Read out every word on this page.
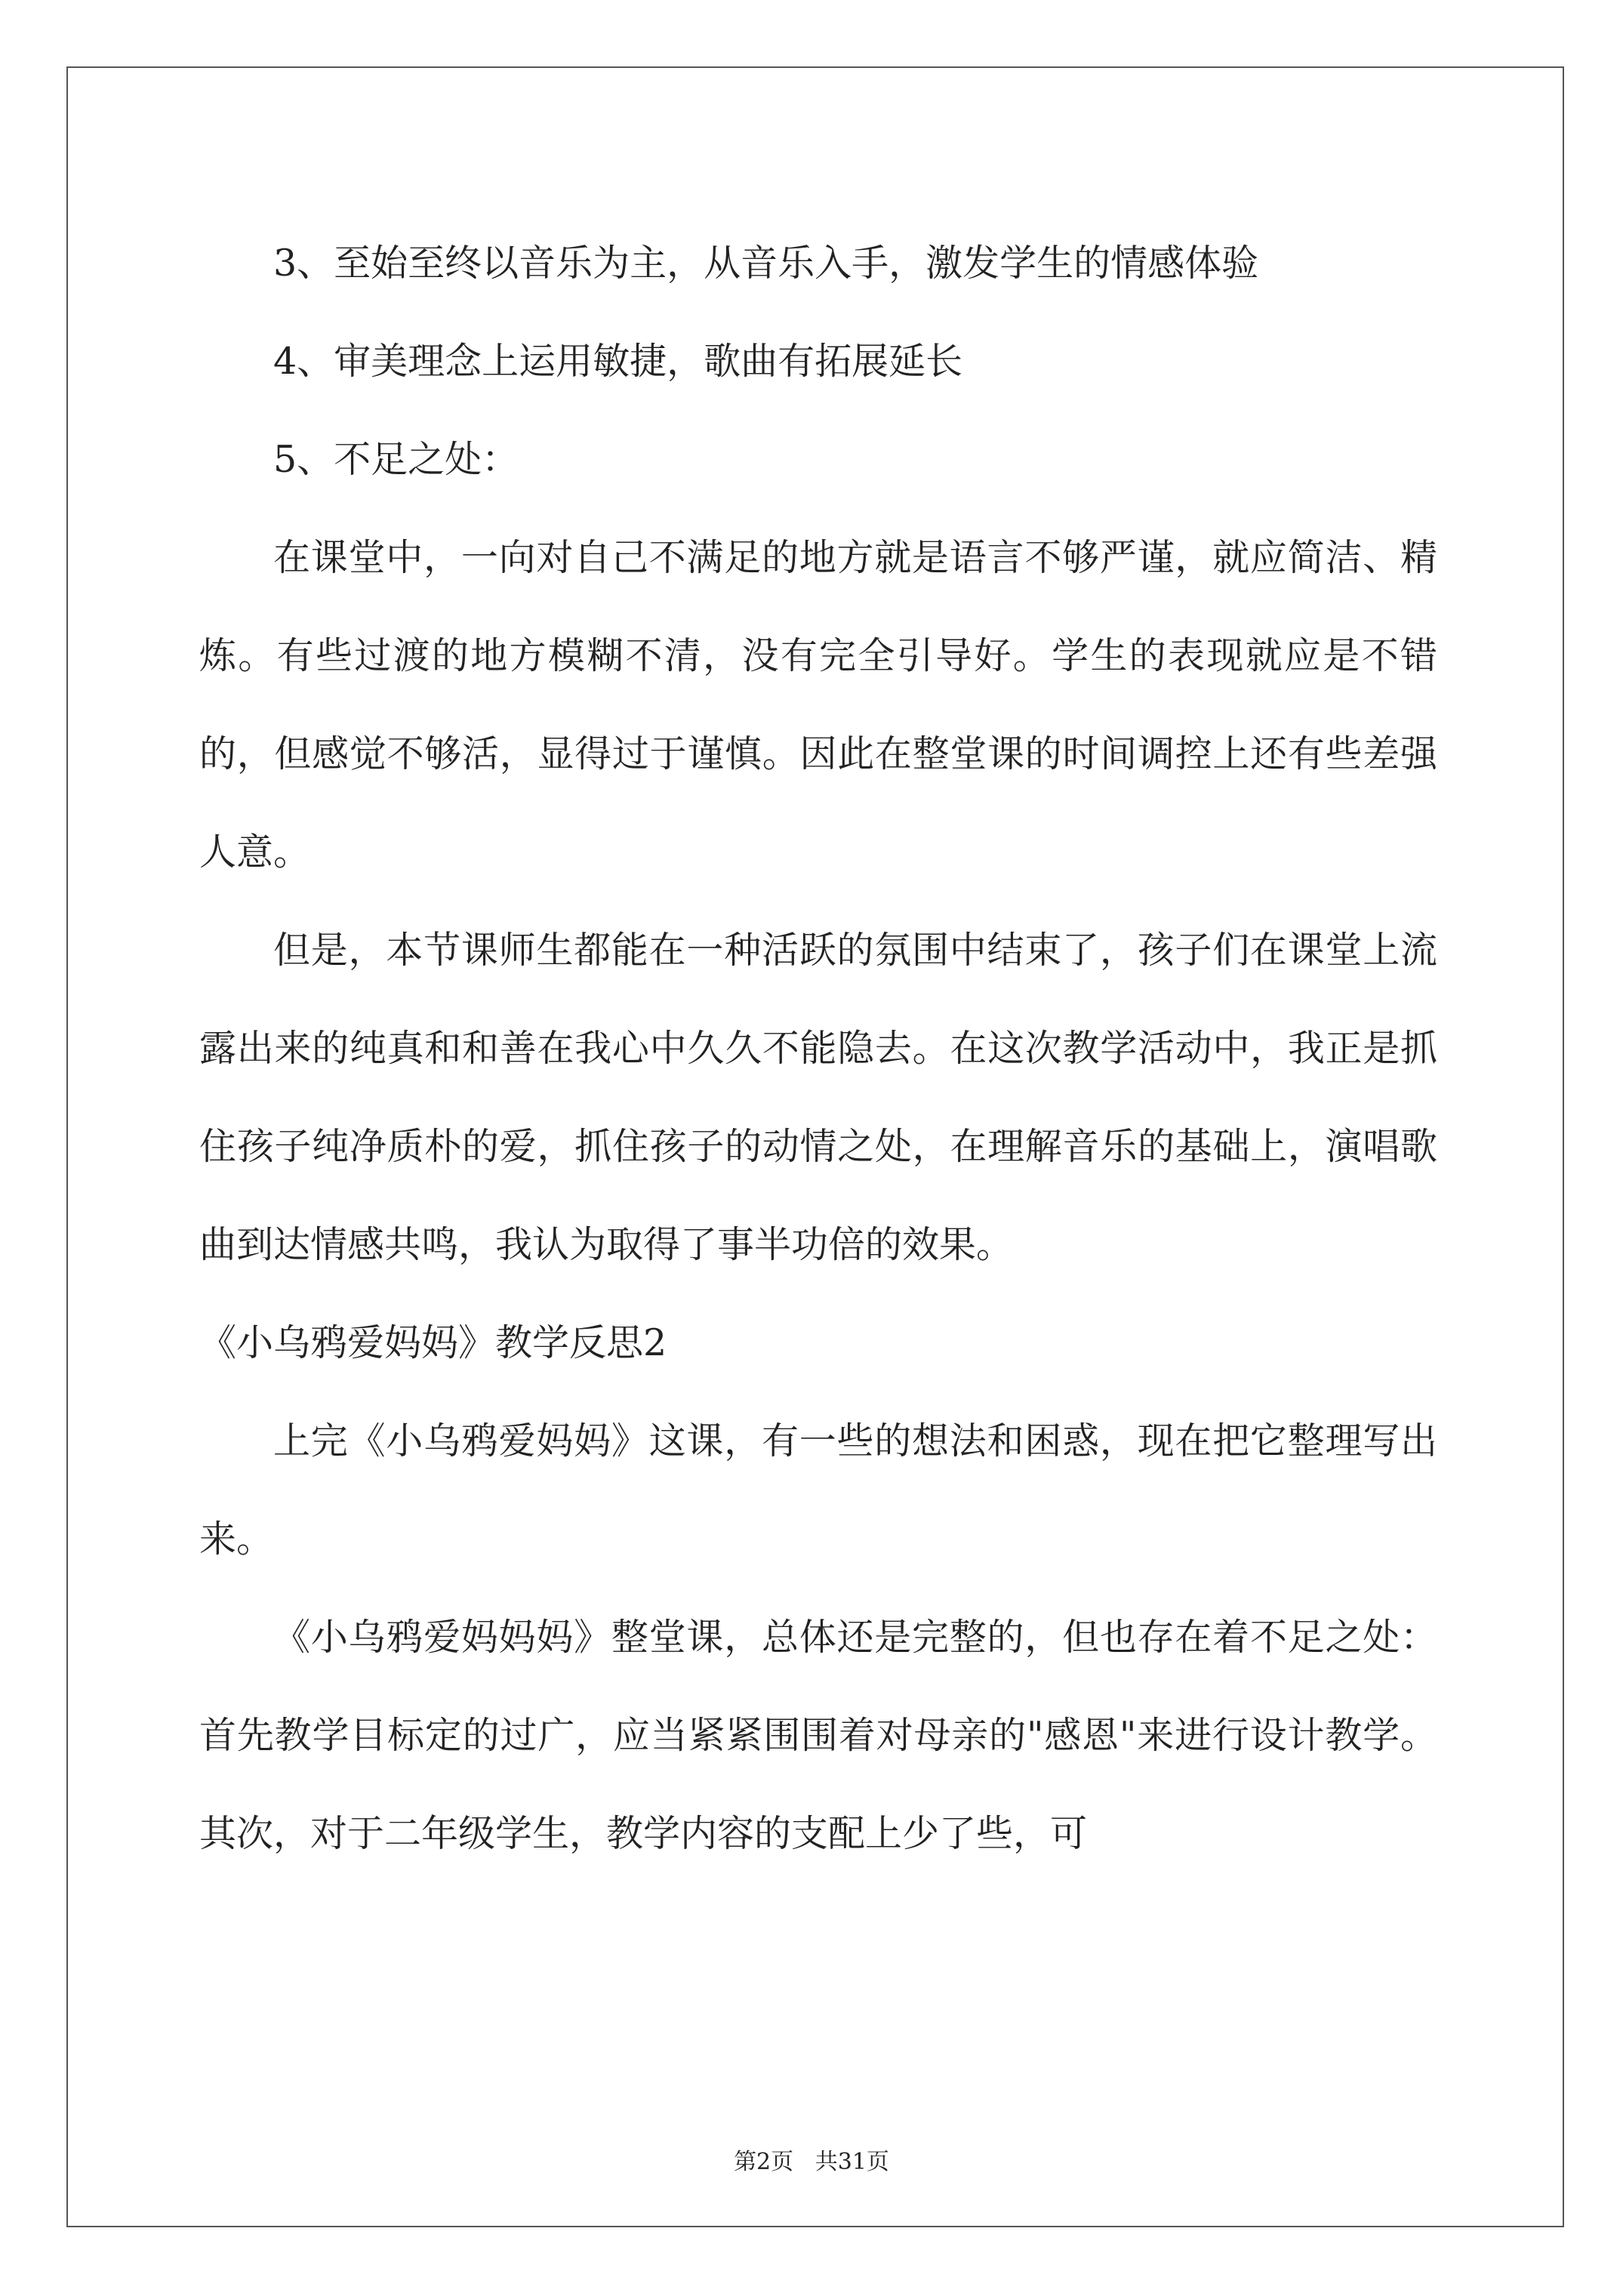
3、至始至终以音乐为主，从音乐入手，激发学生的情感体验

4、审美理念上运用敏捷，歌曲有拓展延长

5、不足之处：

在课堂中，一向对自己不满足的地方就是语言不够严谨，就应简洁、精炼。有些过渡的地方模糊不清，没有完全引导好。学生的表现就应是不错的，但感觉不够活，显得过于谨慎。因此在整堂课的时间调控上还有些差强人意。

但是，本节课师生都能在一种活跃的氛围中结束了，孩子们在课堂上流露出来的纯真和和善在我心中久久不能隐去。在这次教学活动中，我正是抓住孩子纯净质朴的爱，抓住孩子的动情之处，在理解音乐的基础上，演唱歌曲到达情感共鸣，我认为取得了事半功倍的效果。

《小乌鸦爱妈妈》教学反思2

上完《小乌鸦爱妈妈》这课，有一些的想法和困惑，现在把它整理写出来。

《小乌鸦爱妈妈妈》整堂课，总体还是完整的，但也存在着不足之处：首先教学目标定的过广，应当紧紧围围着对母亲的"感恩"来进行设计教学。其次，对于二年级学生，教学内容的支配上少了些，可

第2页   共31页
